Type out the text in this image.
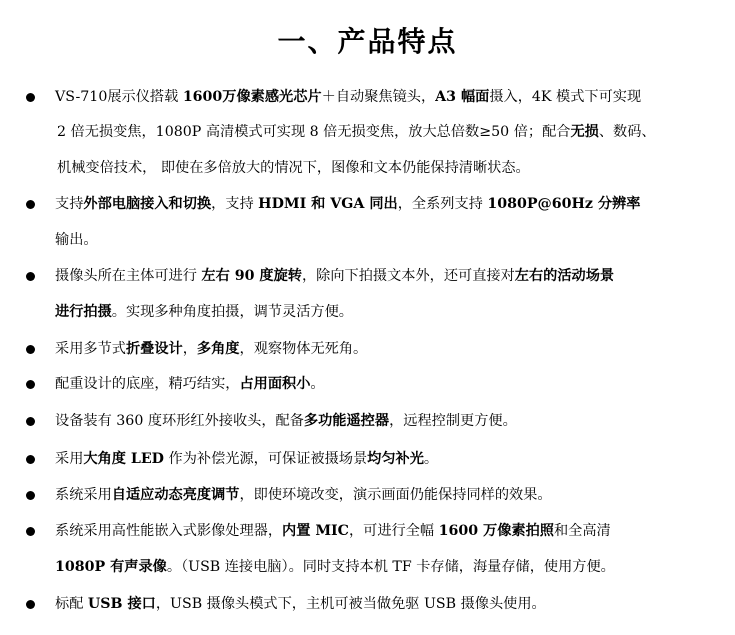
一、产品特点
VS-710展示仪搭载 1600万像素感光芯片＋自动聚焦镜头，A3 幅面摄入，4K 模式下可实现
2 倍无损变焦，1080P 高清模式可实现 8 倍无损变焦，放大总倍数≥50 倍；配合无损、数码、
机械变倍技术， 即使在多倍放大的情况下，图像和文本仍能保持清晰状态。
支持外部电脑接入和切换，支持 HDMI 和 VGA 同出，全系列支持 1080P@60Hz 分辨率
输出。
摄像头所在主体可进行 左右 90 度旋转，除向下拍摄文本外，还可直接对左右的活动场景
进行拍摄。实现多种角度拍摄，调节灵活方便。
采用多节式折叠设计，多角度，观察物体无死角。
配重设计的底座，精巧结实，占用面积小。
设备装有 360 度环形红外接收头，配备多功能遥控器，远程控制更方便。
采用大角度 LED 作为补偿光源，可保证被摄场景均匀补光。
系统采用自适应动态亮度调节，即使环境改变，演示画面仍能保持同样的效果。
系统采用高性能嵌入式影像处理器，内置 MIC，可进行全幅 1600 万像素拍照和全高清
1080P 有声录像。（USB 连接电脑）。同时支持本机 TF 卡存储，海量存储，使用方便。
标配 USB 接口，USB 摄像头模式下，主机可被当做免驱 USB 摄像头使用。
